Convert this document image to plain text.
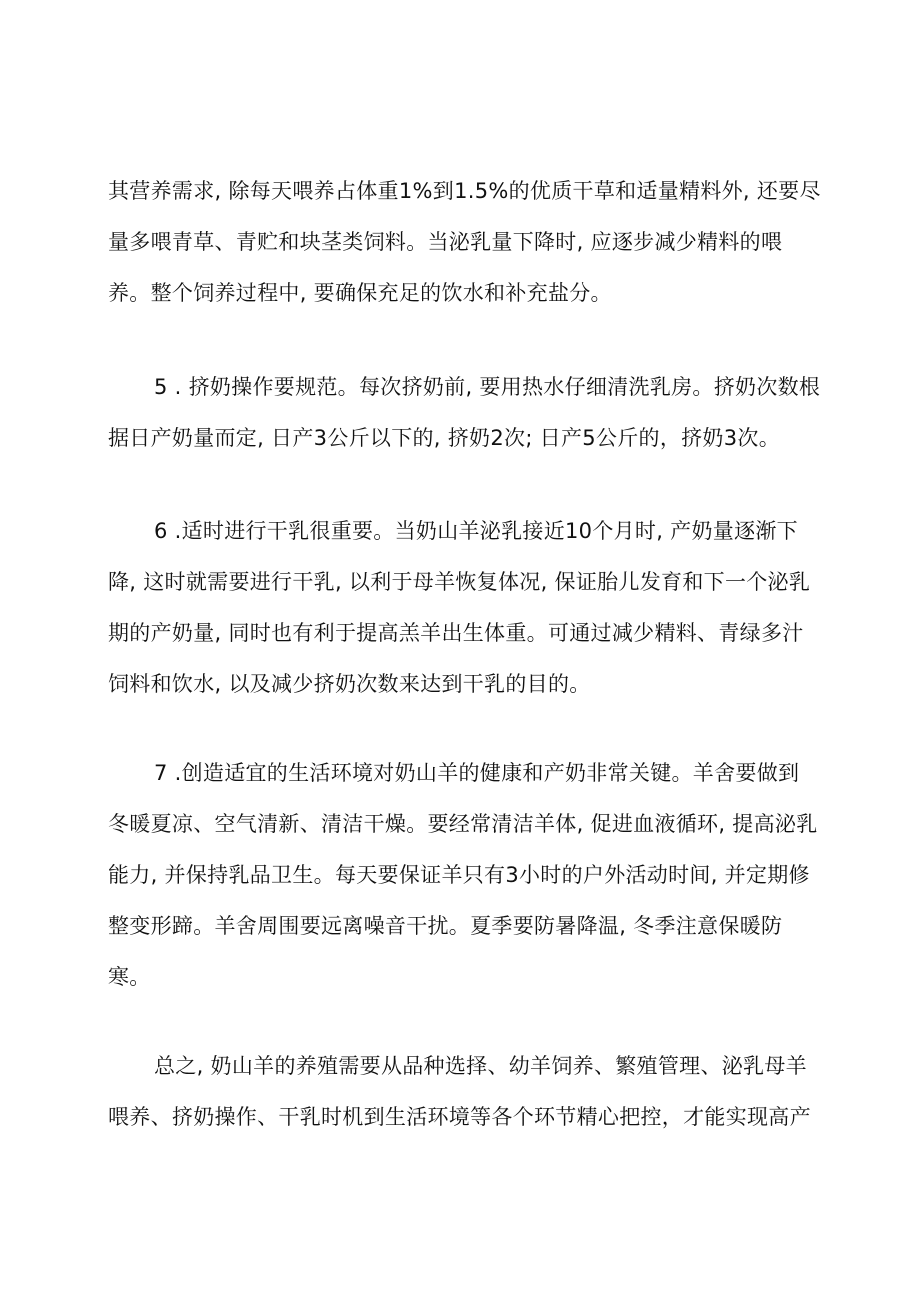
其营养需求, 除每天喂养占体重1%到1.5%的优质干草和适量精料外, 还要尽
量多喂青草、青贮和块茎类饲料。当泌乳量下降时, 应逐步减少精料的喂
养。整个饲养过程中, 要确保充足的饮水和补充盐分。
5 . 挤奶操作要规范。每次挤奶前, 要用热水仔细清洗乳房。挤奶次数根
据日产奶量而定, 日产3公斤以下的, 挤奶2次; 日产5公斤的，挤奶3次。
6 .适时进行干乳很重要。当奶山羊泌乳接近10个月时, 产奶量逐渐下
降, 这时就需要进行干乳, 以利于母羊恢复体况, 保证胎儿发育和下一个泌乳
期的产奶量, 同时也有利于提高羔羊出生体重。可通过减少精料、青绿多汁
饲料和饮水, 以及减少挤奶次数来达到干乳的目的。
7 .创造适宜的生活环境对奶山羊的健康和产奶非常关键。羊舍要做到
冬暖夏凉、空气清新、清洁干燥。要经常清洁羊体, 促进血液循环, 提高泌乳
能力, 并保持乳品卫生。每天要保证羊只有3小时的户外活动时间, 并定期修
整变形蹄。羊舍周围要远离噪音干扰。夏季要防暑降温, 冬季注意保暖防
寒。
总之, 奶山羊的养殖需要从品种选择、幼羊饲养、繁殖管理、泌乳母羊
喂养、挤奶操作、干乳时机到生活环境等各个环节精心把控，才能实现高产
